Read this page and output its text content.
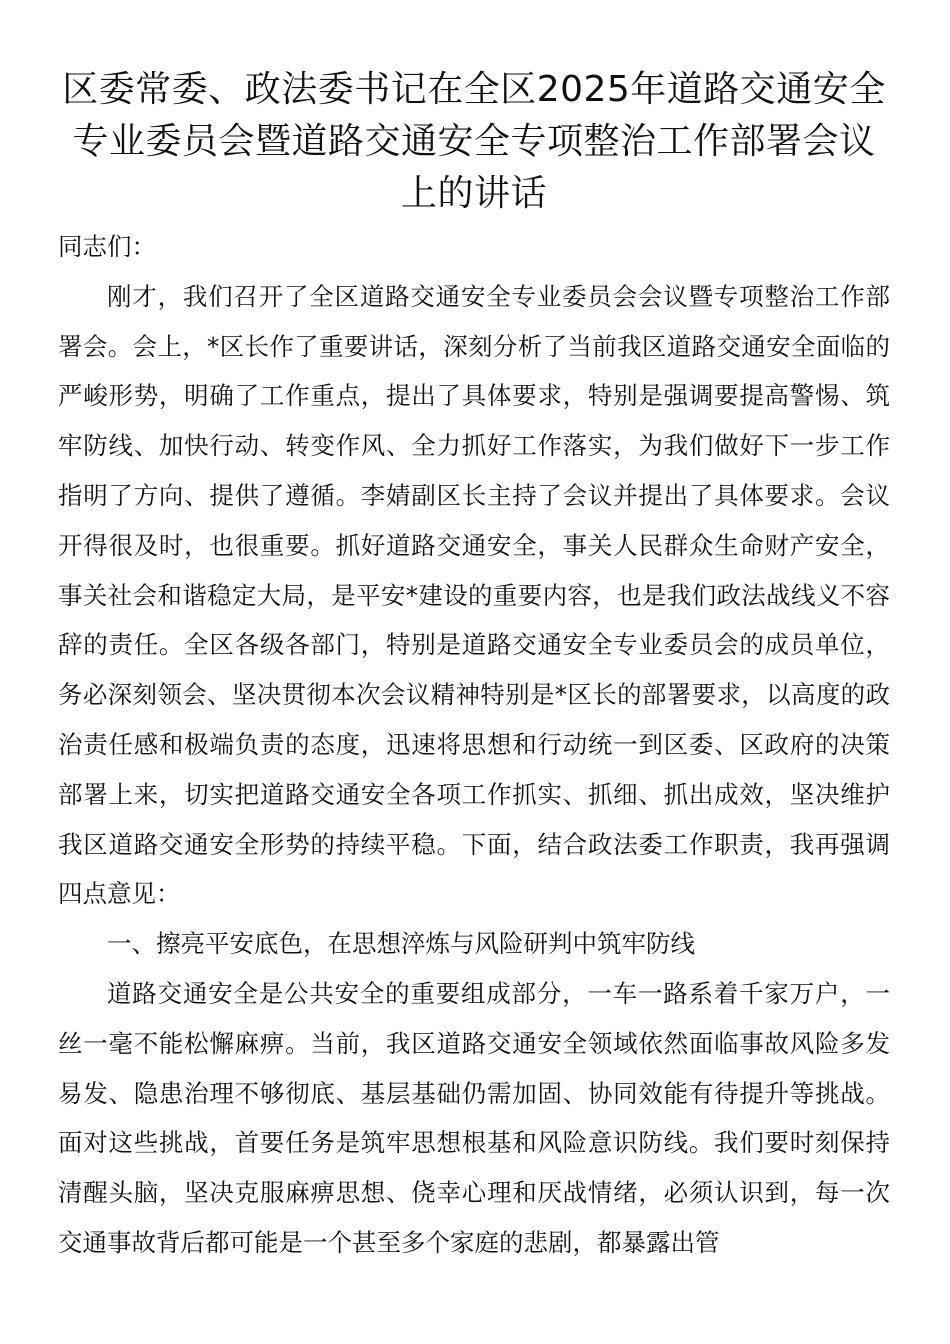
区委常委、政法委书记在全区2025年道路交通安全专业委员会暨道路交通安全专项整治工作部署会议上的讲话

同志们：

刚才，我们召开了全区道路交通安全专业委员会会议暨专项整治工作部署会。会上，*区长作了重要讲话，深刻分析了当前我区道路交通安全面临的严峻形势，明确了工作重点，提出了具体要求，特别是强调要提高警惕、筑牢防线、加快行动、转变作风、全力抓好工作落实，为我们做好下一步工作指明了方向、提供了遵循。李婧副区长主持了会议并提出了具体要求。会议开得很及时，也很重要。抓好道路交通安全，事关人民群众生命财产安全，事关社会和谐稳定大局，是平安*建设的重要内容，也是我们政法战线义不容辞的责任。全区各级各部门，特别是道路交通安全专业委员会的成员单位，务必深刻领会、坚决贯彻本次会议精神特别是*区长的部署要求，以高度的政治责任感和极端负责的态度，迅速将思想和行动统一到区委、区政府的决策部署上来，切实把道路交通安全各项工作抓实、抓细、抓出成效，坚决维护我区道路交通安全形势的持续平稳。下面，结合政法委工作职责，我再强调四点意见：

一、擦亮平安底色，在思想淬炼与风险研判中筑牢防线

道路交通安全是公共安全的重要组成部分，一车一路系着千家万户，一丝一毫不能松懈麻痹。当前，我区道路交通安全领域依然面临事故风险多发易发、隐患治理不够彻底、基层基础仍需加固、协同效能有待提升等挑战。面对这些挑战，首要任务是筑牢思想根基和风险意识防线。我们要时刻保持清醒头脑，坚决克服麻痹思想、侥幸心理和厌战情绪，必须认识到，每一次交通事故背后都可能是一个甚至多个家庭的悲剧，都暴露出管
